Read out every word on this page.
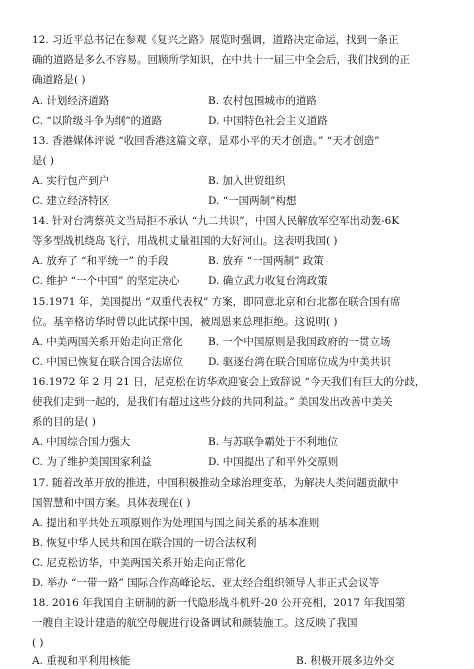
12. 习近平总书记在参观《复兴之路》展览时强调，道路决定命运，找到一条正
确的道路是多么不容易。回顾所学知识，在中共十一届三中全会后，我们找到的正
确道路是( )
A. 计划经济道路	B. 农村包围城市的道路
C. “以阶级斗争为纲”的道路	D. 中国特色社会主义道路
13. 香港媒体评说 “收回香港这篇文章，是邓小平的天才创造。” “天才创造”
是( )
A. 实行包产到户	B. 加入世贸组织
C. 建立经济特区	D. “一国两制”构想
14. 针对台湾蔡英文当局拒不承认 “九二共识”，中国人民解放军空军出动轰-6K
等多型战机绕岛飞行，用战机丈量祖国的大好河山。这表明我国( )
A. 放弃了 “和平统一” 的手段	B. 放弃 “一国两制” 政策
C. 维护 “一个中国” 的坚定决心	D. 确立武力收复台湾政策
15.1971 年，美国提出 “双重代表权” 方案，即同意北京和台北都在联合国有席
位。基辛格访华时曾以此试探中国，被周恩来总理拒绝。这说明( )
A. 中美两国关系开始走向正常化 B. 一个中国原则是我国政府的一贯立场
C. 中国已恢复在联合国合法席位 D. 驱逐台湾在联合国席位成为中美共识
16.1972 年 2 月 21 日，尼克松在访华欢迎宴会上致辞说 “今天我们有巨大的分歧，
使我们走到一起的，是我们有超过这些分歧的共同利益。” 美国发出改善中美关
系的目的是( )
A. 中国综合国力强大	B. 与苏联争霸处于不利地位
C. 为了维护美国国家利益	D. 中国提出了和平外交原则
17. 随着改革开放的推进，中国积极推动全球治理变革，为解决人类问题贡献中
国智慧和中国方案。具体表现在( )
A. 提出和平共处五项原则作为处理国与国之间关系的基本准则
B. 恢复中华人民共和国在联合国的一切合法权利
C. 尼克松访华，中美两国关系开始走向正常化
D. 举办 “一带一路” 国际合作高峰论坛、亚太经合组织领导人非正式会议等
18. 2016 年我国自主研制的新一代隐形战斗机歼-20 公开亮相，2017 年我国第
一艘自主设计建造的航空母舰进行设备调试和颜装施工。这反映了我国
( )
A. 重视和平利用核能	B. 积极开展多边外交
